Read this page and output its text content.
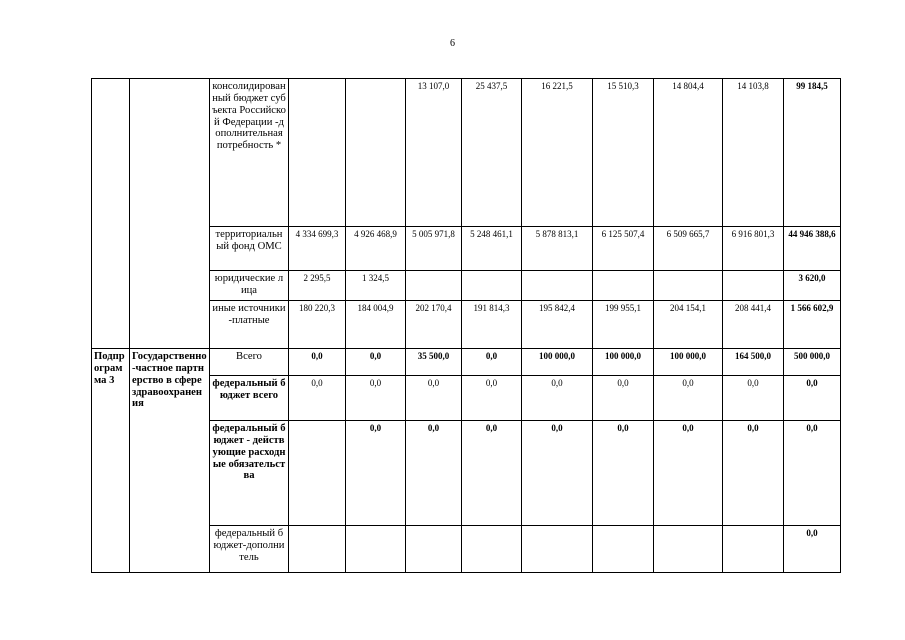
6
		консолидированный бюджет субъекта Российской Федерации -дополнительная потребность *			13 107,0	25 437,5	16 221,5	15 510,3	14 804,4	14 103,8	99 184,5
		территориальный фонд ОМС	4 334 699,3	4 926 468,9	5 005 971,8	5 248 461,1	5 878 813,1	6 125 507,4	6 509 665,7	6 916 801,3	44 946 388,6
		юридические лица	2 295,5	1 324,5							3 620,0
		иные источники -платные	180 220,3	184 004,9	202 170,4	191 814,3	195 842,4	199 955,1	204 154,1	208 441,4	1 566 602,9
Подпрограмма 3	Государственно-частное партнерство в сфере здравоохранения	Всего	0,0	0,0	35 500,0	0,0	100 000,0	100 000,0	100 000,0	164 500,0	500 000,0
		федеральный бюджет всего	0,0	0,0	0,0	0,0	0,0	0,0	0,0	0,0	0,0
		федеральный бюджет - действующие расходные обязательства		0,0	0,0	0,0	0,0	0,0	0,0	0,0	0,0
		федеральный бюджет-дополнитель									0,0
